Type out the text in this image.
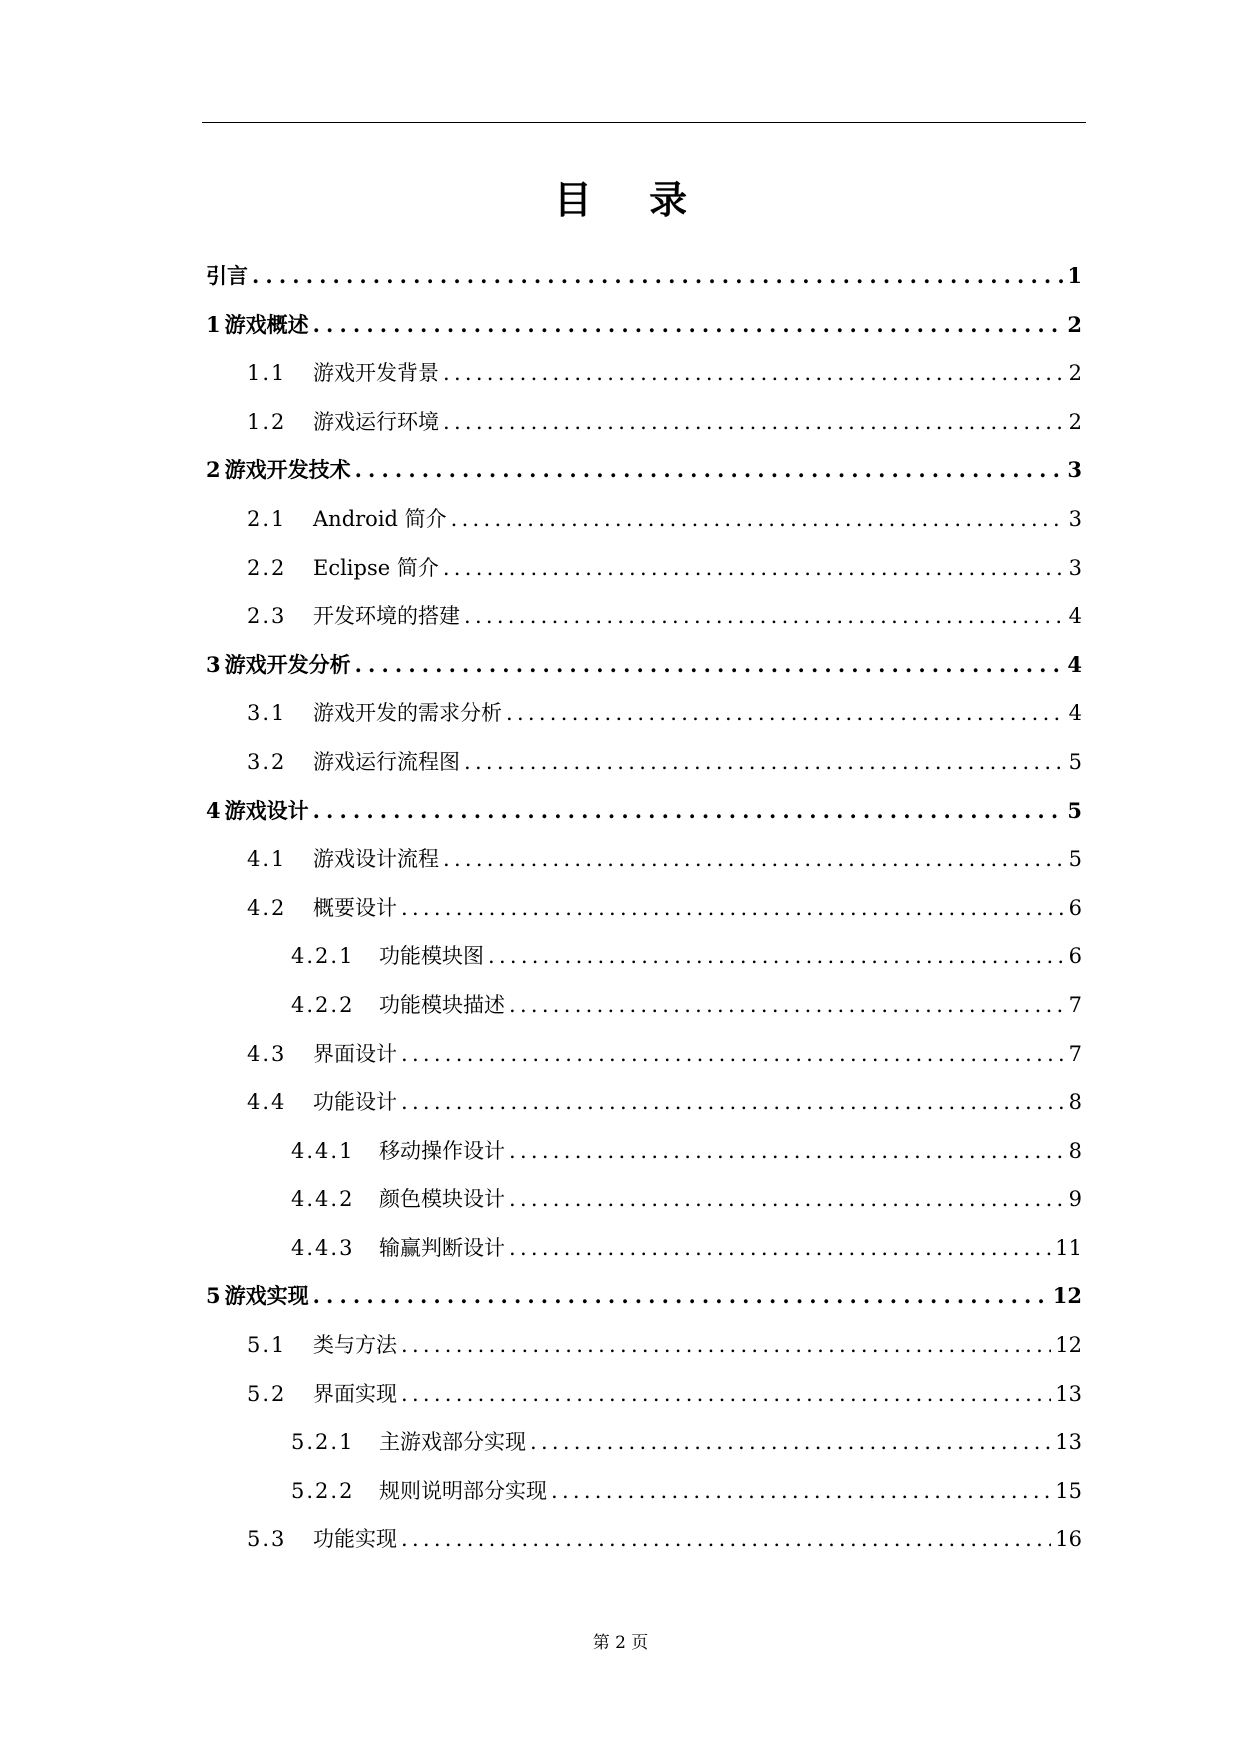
目 录
引言 . . .	1
1 游戏概述 . . .	2
1.1	游戏开发背景 . . .	2
1.2	游戏运行环境 . . .	2
2 游戏开发技术 . . .	3
2.1	Android 简介 . . .	3
2.2	Eclipse 简介 . . .	3
2.3	开发环境的搭建 . . .	4
3 游戏开发分析 . . .	4
3.1	游戏开发的需求分析 . . .	4
3.2	游戏运行流程图 . . .	5
4 游戏设计 . . .	5
4.1	游戏设计流程 . . .	5
4.2	概要设计 . . .	6
4.2.1	功能模块图 . . .	6
4.2.2	功能模块描述 . . .	7
4.3	界面设计 . . .	7
4.4	功能设计 . . .	8
4.4.1	移动操作设计 . . .	8
4.4.2	颜色模块设计 . . .	9
4.4.3	输赢判断设计 . . .	11
5 游戏实现 . . .	12
5.1	类与方法 . . .	12
5.2	界面实现 . . .	13
5.2.1	主游戏部分实现 . . .	13
5.2.2	规则说明部分实现 . . .	15
5.3	功能实现 . . .	16
第 2 页
